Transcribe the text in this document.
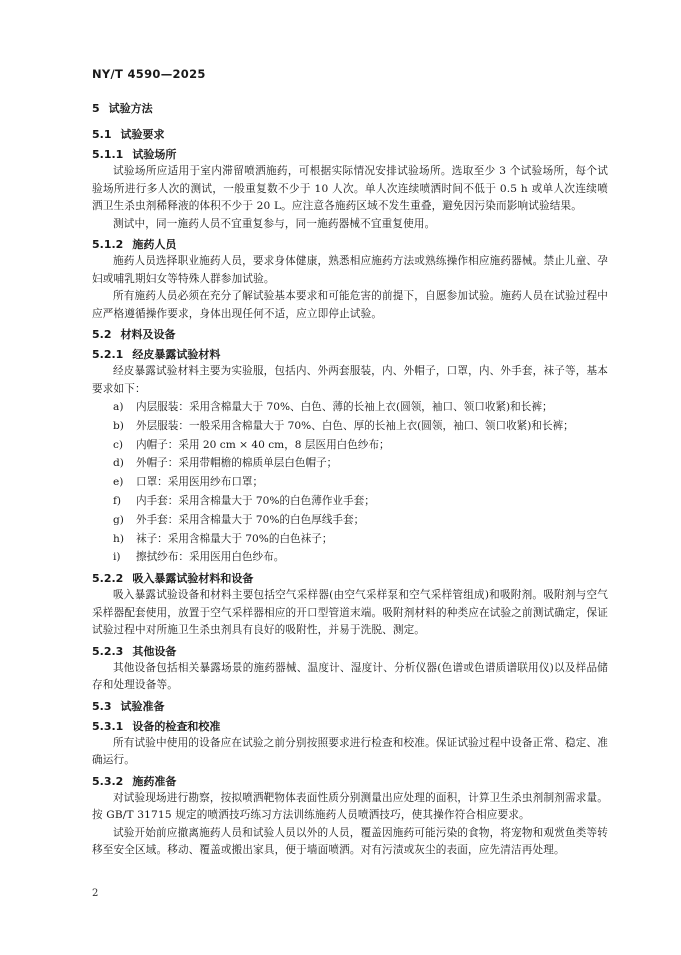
NY/T 4590—2025
5 试验方法
5.1 试验要求
5.1.1 试验场所

试验场所应适用于室内滞留喷洒施药，可根据实际情况安排试验场所。选取至少 3 个试验场所，每个试验场所进行多人次的测试，一般重复数不少于 10 人次。单人次连续喷洒时间不低于 0.5 h 或单人次连续喷洒卫生杀虫剂稀释液的体积不少于 20 L。应注意各施药区域不发生重叠，避免因污染而影响试验结果。

测试中，同一施药人员不宜重复参与，同一施药器械不宜重复使用。

5.1.2 施药人员

施药人员选择职业施药人员，要求身体健康，熟悉相应施药方法或熟练操作相应施药器械。禁止儿童、孕妇或哺乳期妇女等特殊人群参加试验。

所有施药人员必须在充分了解试验基本要求和可能危害的前提下，自愿参加试验。施药人员在试验过程中应严格遵循操作要求，身体出现任何不适，应立即停止试验。

5.2 材料及设备
5.2.1 经皮暴露试验材料

经皮暴露试验材料主要为实验服，包括内、外两套服装，内、外帽子，口罩，内、外手套，袜子等，基本要求如下：

a) 内层服装：采用含棉量大于 70%、白色、薄的长袖上衣(圆领，袖口、领口收紧)和长裤；
b) 外层服装：一般采用含棉量大于 70%、白色、厚的长袖上衣(圆领，袖口、领口收紧)和长裤；
c) 内帽子：采用 20 cm × 40 cm，8 层医用白色纱布；
d) 外帽子：采用带帽檐的棉质单层白色帽子；
e) 口罩：采用医用纱布口罩；
f) 内手套：采用含棉量大于 70%的白色薄作业手套；
g) 外手套：采用含棉量大于 70%的白色厚线手套；
h) 袜子：采用含棉量大于 70%的白色袜子；
i) 擦拭纱布：采用医用白色纱布。
5.2.2 吸入暴露试验材料和设备

吸入暴露试验设备和材料主要包括空气采样器(由空气采样泵和空气采样管组成)和吸附剂。吸附剂与空气采样器配套使用，放置于空气采样器相应的开口型管道末端。吸附剂材料的种类应在试验之前测试确定，保证试验过程中对所施卫生杀虫剂具有良好的吸附性，并易于洗脱、测定。

5.2.3 其他设备

其他设备包括相关暴露场景的施药器械、温度计、湿度计、分析仪器(色谱或色谱质谱联用仪)以及样品储存和处理设备等。

5.3 试验准备
5.3.1 设备的检查和校准

所有试验中使用的设备应在试验之前分别按照要求进行检查和校准。保证试验过程中设备正常、稳定、准确运行。

5.3.2 施药准备

对试验现场进行勘察，按拟喷洒靶物体表面性质分别测量出应处理的面积，计算卫生杀虫剂制剂需求量。按 GB/T 31715 规定的喷洒技巧练习方法训练施药人员喷洒技巧，使其操作符合相应要求。

试验开始前应撤离施药人员和试验人员以外的人员，覆盖因施药可能污染的食物，将宠物和观赏鱼类等转移至安全区域。移动、覆盖或搬出家具，便于墙面喷洒。对有污渍或灰尘的表面，应先清洁再处理。

2
